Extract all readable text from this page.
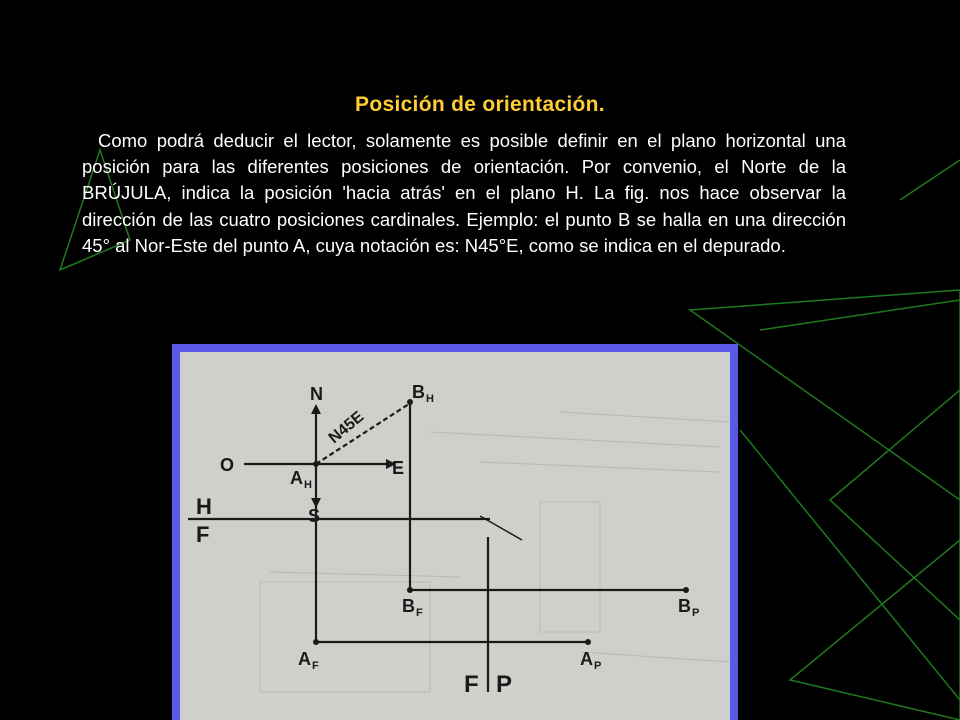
Posición de orientación.
Como podrá deducir el lector, solamente es posible definir en el plano horizontal una posición para las diferentes posiciones de orientación. Por convenio, el Norte de la BRÚJULA, indica la posición 'hacia atrás' en el plano H. La fig. nos hace observar la dirección de las cuatro posiciones cardinales. Ejemplo: el punto B se halla en una dirección 45° al Nor-Este del punto A, cuya notación es: N45°E, como se indica en el depurado.
N
O	E
S
N45E
A H
B H
H
F
B F	B P
A F	A P
F P
